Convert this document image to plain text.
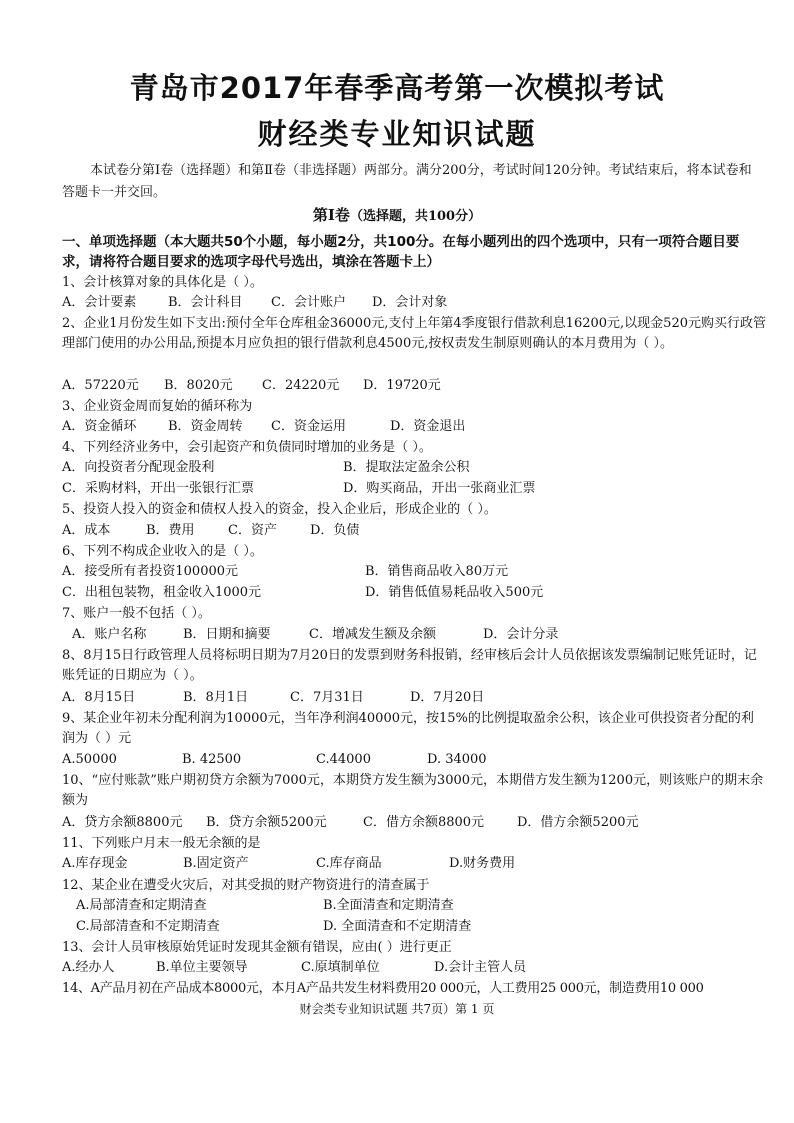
青岛市2017年春季高考第一次模拟考试
财经类专业知识试题
本试卷分第Ⅰ卷（选择题）和第Ⅱ卷（非选择题）两部分。满分200分，考试时间120分钟。考试结束后，将本试卷和答题卡一并交回。
第Ⅰ卷（选择题，共100分）
一、单项选择题（本大题共50个小题，每小题2分，共100分。在每小题列出的四个选项中，只有一项符合题目要求，请将符合题目要求的选项字母代号选出，填涂在答题卡上）
1、会计核算对象的具体化是（ ）。
A．会计要素 B．会计科目 C．会计账户 D．会计对象
2、企业1月份发生如下支出:预付全年仓库租金36000元,支付上年第4季度银行借款利息16200元,以现金520元购买行政管理部门使用的办公用品,预提本月应负担的银行借款利息4500元,按权责发生制原则确认的本月费用为（ ）。
A．57220元 B．8020元 C．24220元 D．19720元
3、企业资金周而复始的循环称为
A．资金循环 B．资金周转 C．资金运用	D．资金退出
4、下列经济业务中，会引起资产和负债同时增加的业务是（ ）。
A．向投资者分配现金股利	B．提取法定盈余公积
C．采购材料，开出一张银行汇票	D．购买商品，开出一张商业汇票
5、投资人投入的资金和债权人投入的资金，投入企业后，形成企业的（ ）。
A．成本	B．费用	C．资产	D．负债
6、下列不构成企业收入的是（ ）。
A．接受所有者投资100000元	B．销售商品收入80万元
C．出租包装物，租金收入1000元	D．销售低值易耗品收入500元
7、账户一般不包括（ ）。
A．账户名称	B．日期和摘要	C．增减发生额及余额	D．会计分录
8、8月15日行政管理人员将标明日期为7月20日的发票到财务科报销，经审核后会计人员依据该发票编制记账凭证时，记账凭证的日期应为（ ）。
A．8月15日	B．8月1日	C．7月31日	D．7月20日
9、某企业年初未分配利润为10000元，当年净利润40000元，按15%的比例提取盈余公积，该企业可供投资者分配的利润为（ ）元
A.50000	B. 42500	C.44000	D. 34000
10、“应付账款”账户期初贷方余额为7000元，本期贷方发生额为3000元，本期借方发生额为1200元，则该账户的期末余额为
A．贷方余额8800元 B．贷方余额5200元	C．借方余额8800元	D．借方余额5200元
11、下列账户月末一般无余额的是
A.库存现金	B.固定资产	C.库存商品	D.财务费用
12、某企业在遭受火灾后，对其受损的财产物资进行的清查属于
A.局部清查和定期清查	B.全面清查和定期清查
C.局部清查和不定期清查	D. 全面清查和不定期清查
13、会计人员审核原始凭证时发现其金额有错误，应由( ）进行更正
A.经办人	B.单位主要领导	C.原填制单位	D.会计主管人员
14、A产品月初在产品成本8000元，本月A产品共发生材料费用20 000元，人工费用25 000元，制造费用10 000
财会类专业知识试题 共7页）第 1 页
